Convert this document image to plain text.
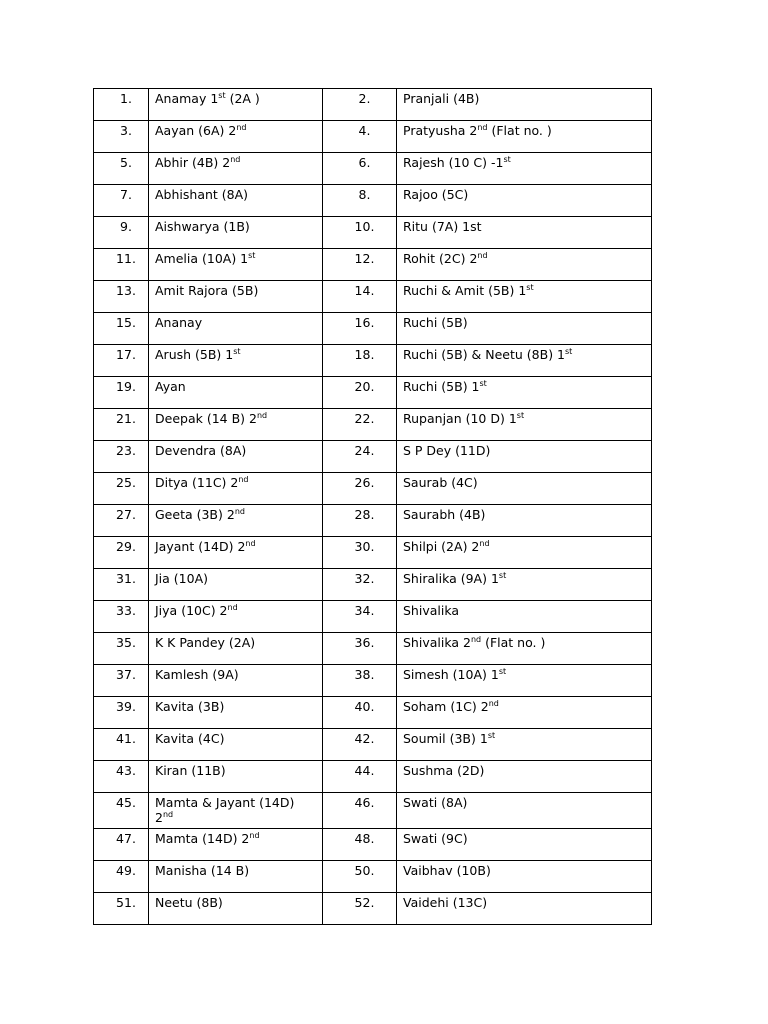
1.	Anamay 1st (2A )	2.	Pranjali (4B)
3.	Aayan (6A) 2nd	4.	Pratyusha 2nd (Flat no. )
5.	Abhir (4B) 2nd	6.	Rajesh (10 C) -1st
7.	Abhishant (8A)	8.	Rajoo (5C)
9.	Aishwarya (1B)	10.	Ritu (7A) 1st
11.	Amelia (10A) 1st	12.	Rohit (2C) 2nd
13.	Amit Rajora (5B)	14.	Ruchi & Amit (5B) 1st
15.	Ananay	16.	Ruchi (5B)
17.	Arush (5B) 1st	18.	Ruchi (5B) & Neetu (8B) 1st
19.	Ayan	20.	Ruchi (5B) 1st
21.	Deepak (14 B) 2nd	22.	Rupanjan (10 D) 1st
23.	Devendra (8A)	24.	S P Dey (11D)
25.	Ditya (11C) 2nd	26.	Saurab (4C)
27.	Geeta (3B) 2nd	28.	Saurabh (4B)
29.	Jayant (14D) 2nd	30.	Shilpi (2A) 2nd
31.	Jia (10A)	32.	Shiralika (9A) 1st
33.	Jiya (10C) 2nd	34.	Shivalika
35.	K K Pandey (2A)	36.	Shivalika 2nd (Flat no. )
37.	Kamlesh (9A)	38.	Simesh (10A) 1st
39.	Kavita (3B)	40.	Soham (1C) 2nd
41.	Kavita (4C)	42.	Soumil (3B) 1st
43.	Kiran (11B)	44.	Sushma (2D)
45.	Mamta & Jayant (14D) 2nd	46.	Swati (8A)
47.	Mamta (14D) 2nd	48.	Swati (9C)
49.	Manisha (14 B)	50.	Vaibhav (10B)
51.	Neetu (8B)	52.	Vaidehi (13C)
